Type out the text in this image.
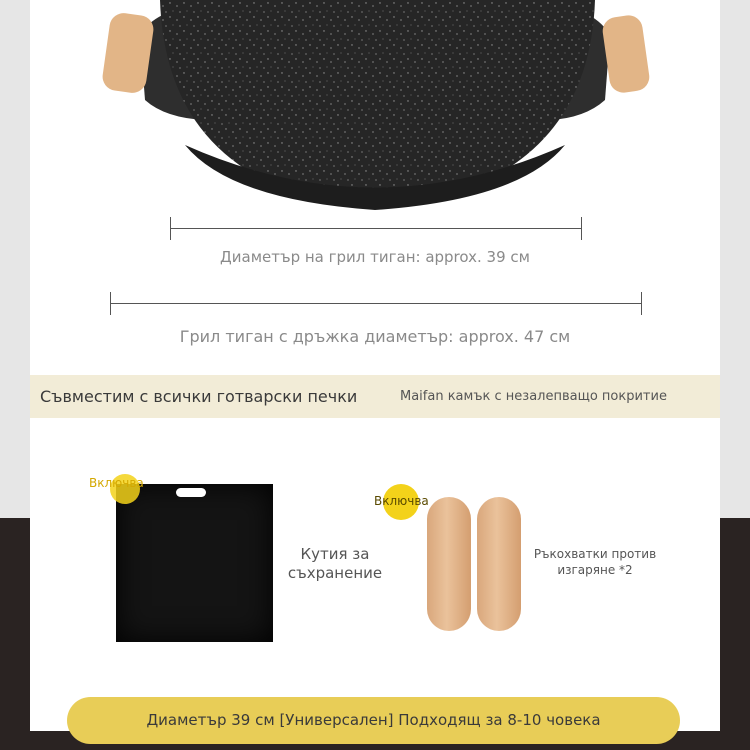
Диаметър на грил тиган: approx. 39 см
Грил тиган с дръжка диаметър: approx. 47 см
Съвместим с всички готварски печки	Maifan камък с незалепващо покритие
Включва
Кутия за съхранение
Включва
Ръкохватки против изгаряне *2
Диаметър 39 см [Универсален] Подходящ за 8-10 човека
